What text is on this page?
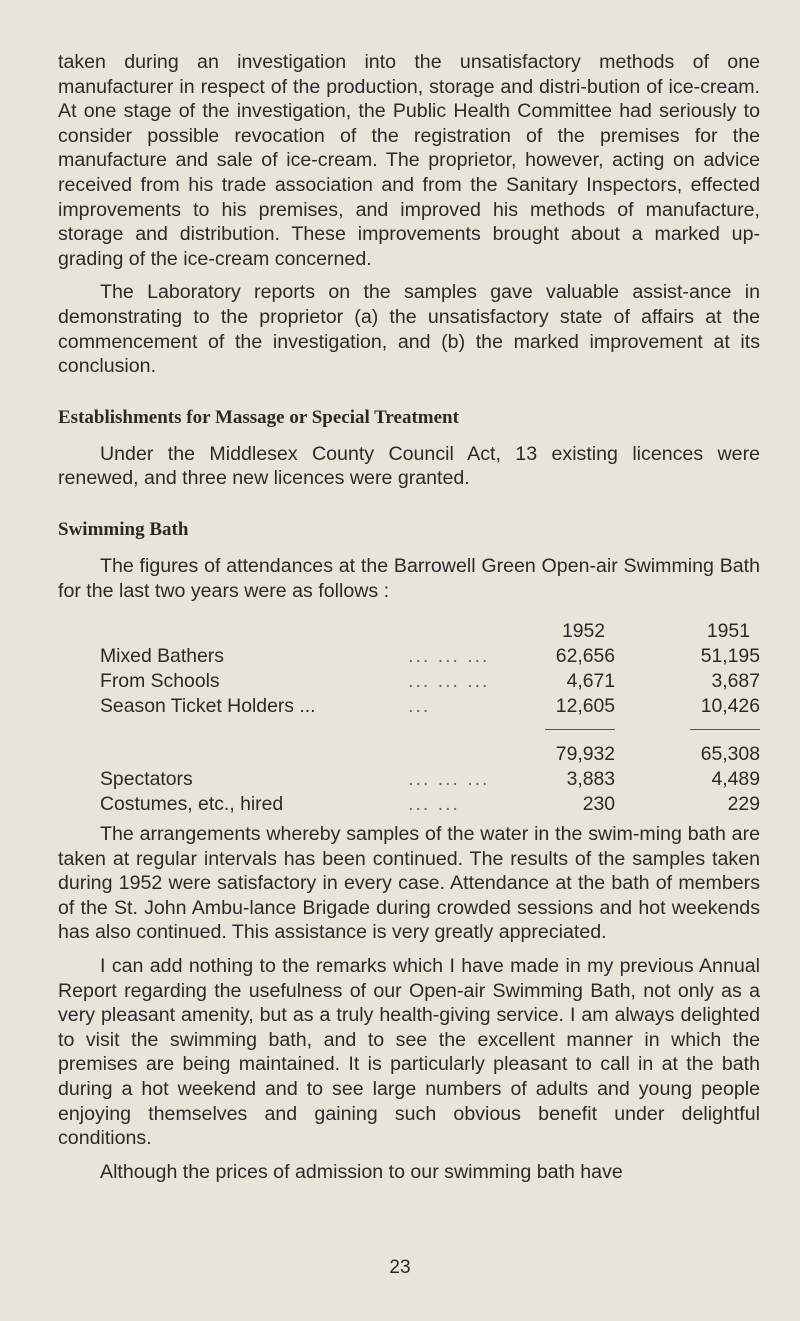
taken during an investigation into the unsatisfactory methods of one manufacturer in respect of the production, storage and distri-bution of ice-cream. At one stage of the investigation, the Public Health Committee had seriously to consider possible revocation of the registration of the premises for the manufacture and sale of ice-cream. The proprietor, however, acting on advice received from his trade association and from the Sanitary Inspectors, effected improvements to his premises, and improved his methods of manufacture, storage and distribution. These improvements brought about a marked up-grading of the ice-cream concerned.

The Laboratory reports on the samples gave valuable assist-ance in demonstrating to the proprietor (a) the unsatisfactory state of affairs at the commencement of the investigation, and (b) the marked improvement at its conclusion.

Establishments for Massage or Special Treatment

Under the Middlesex County Council Act, 13 existing licences were renewed, and three new licences were granted.

Swimming Bath

The figures of attendances at the Barrowell Green Open-air Swimming Bath for the last two years were as follows :

		1952	1951
Mixed Bathers	... ... ...	62,656	51,195
From Schools	... ... ...	4,671	3,687
Season Ticket Holders ...	...	12,605	10,426

		79,932	65,308
Spectators	... ... ...	3,883	4,489
Costumes, etc., hired	... ...	230	229

The arrangements whereby samples of the water in the swim-ming bath are taken at regular intervals has been continued. The results of the samples taken during 1952 were satisfactory in every case. Attendance at the bath of members of the St. John Ambu-lance Brigade during crowded sessions and hot weekends has also continued. This assistance is very greatly appreciated.

I can add nothing to the remarks which I have made in my previous Annual Report regarding the usefulness of our Open-air Swimming Bath, not only as a very pleasant amenity, but as a truly health-giving service. I am always delighted to visit the swimming bath, and to see the excellent manner in which the premises are being maintained. It is particularly pleasant to call in at the bath during a hot weekend and to see large numbers of adults and young people enjoying themselves and gaining such obvious benefit under delightful conditions.

Although the prices of admission to our swimming bath have

23
